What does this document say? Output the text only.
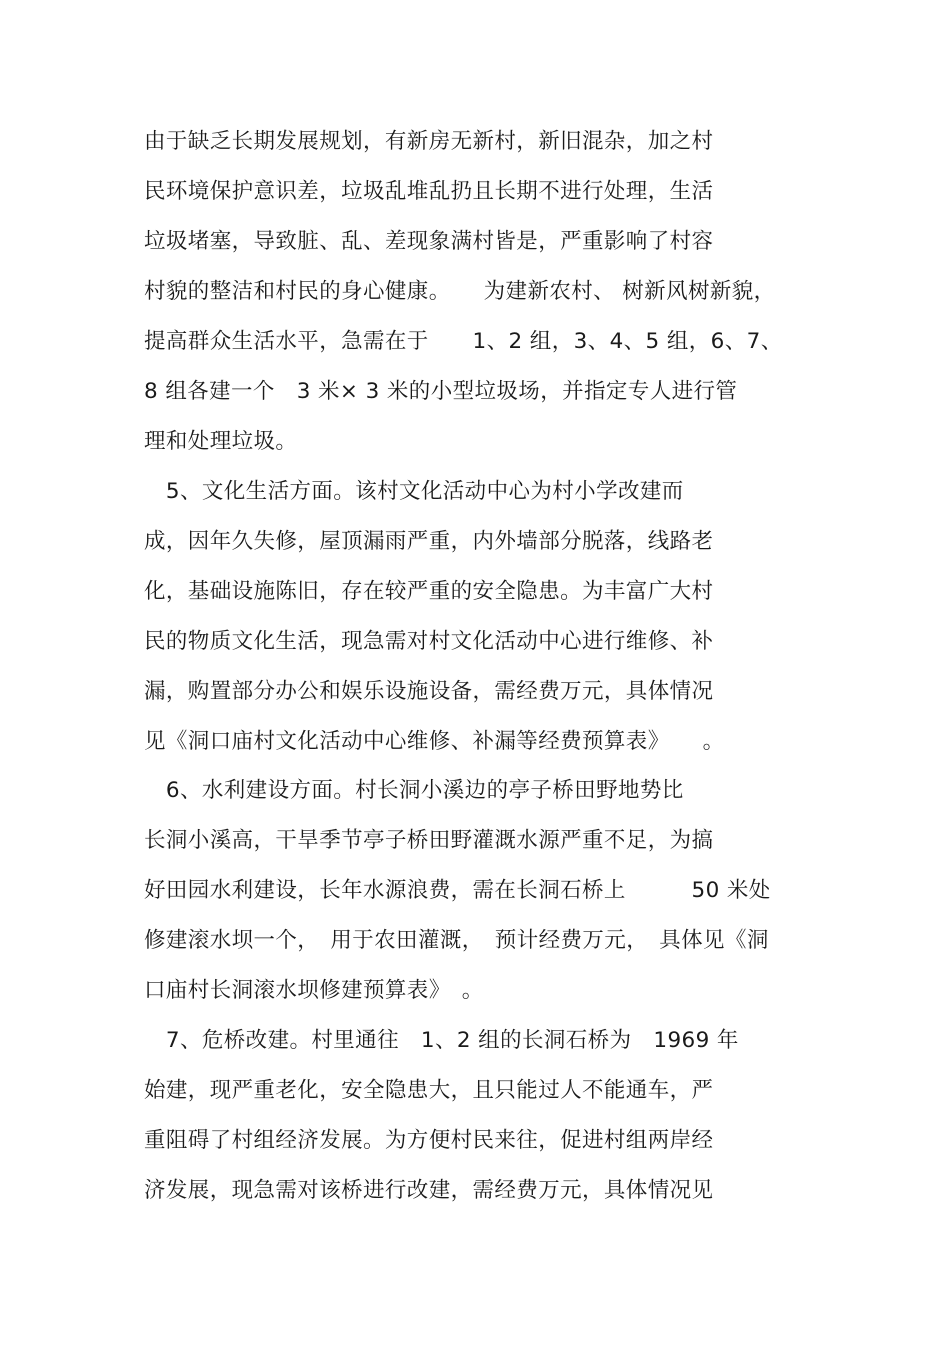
由于缺乏长期发展规划，有新房无新村，新旧混杂，加之村
民环境保护意识差，垃圾乱堆乱扔且长期不进行处理，生活
垃圾堵塞，导致脏、乱、差现象满村皆是，严重影响了村容
村貌的整洁和村民的身心健康。　　为建新农村、 树新风树新貌，
提高群众生活水平，急需在于　　1、2 组，3、4、5 组，6、7、
8 组各建一个　3 米× 3 米的小型垃圾场，并指定专人进行管
理和处理垃圾。
　5、文化生活方面。该村文化活动中心为村小学改建而
成，因年久失修，屋顶漏雨严重，内外墙部分脱落，线路老
化，基础设施陈旧，存在较严重的安全隐患。为丰富广大村
民的物质文化生活，现急需对村文化活动中心进行维修、补
漏，购置部分办公和娱乐设施设备，需经费万元，具体情况
见《洞口庙村文化活动中心维修、补漏等经费预算表》　　。
　6、水利建设方面。村长洞小溪边的亭子桥田野地势比
长洞小溪高，干旱季节亭子桥田野灌溉水源严重不足，为搞
好田园水利建设，长年水源浪费，需在长洞石桥上　　　50 米处
修建滚水坝一个，　用于农田灌溉，　预计经费万元，　具体见《洞
口庙村长洞滚水坝修建预算表》　。
　7、危桥改建。村里通往　1、2 组的长洞石桥为　1969 年
始建，现严重老化，安全隐患大，且只能过人不能通车，严
重阻碍了村组经济发展。为方便村民来往，促进村组两岸经
济发展，现急需对该桥进行改建，需经费万元，具体情况见
